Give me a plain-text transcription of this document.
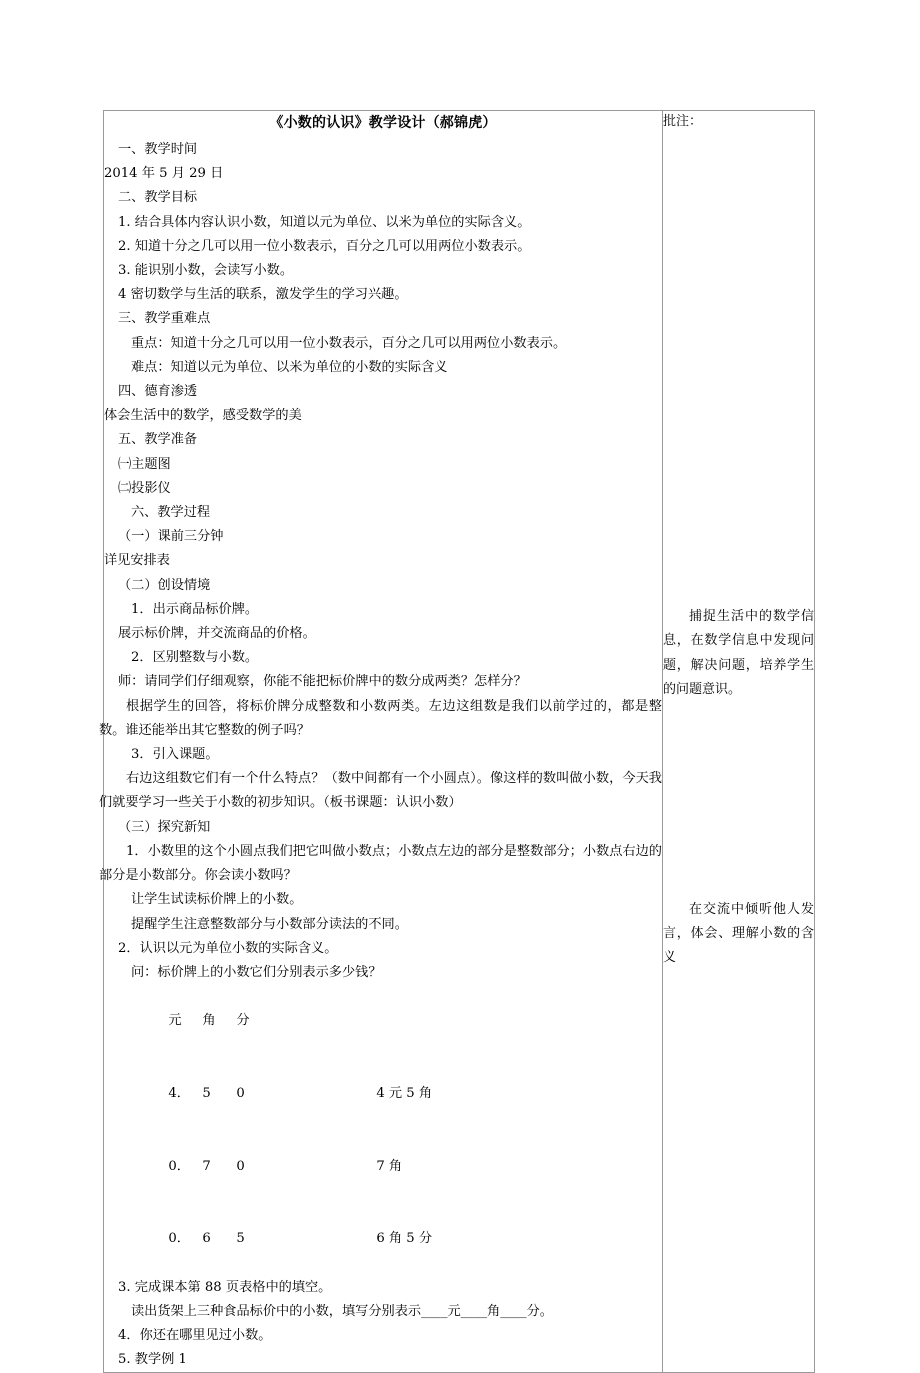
《小数的认识》教学设计（郝锦虎）
一、教学时间
2014 年 5 月 29 日
二、教学目标
1. 结合具体内容认识小数，知道以元为单位、以米为单位的实际含义。
2. 知道十分之几可以用一位小数表示，百分之几可以用两位小数表示。
3. 能识别小数，会读写小数。
4 密切数学与生活的联系，激发学生的学习兴趣。
三、教学重难点
重点：知道十分之几可以用一位小数表示，百分之几可以用两位小数表示。
难点：知道以元为单位、以米为单位的小数的实际含义
四、德育渗透
体会生活中的数学，感受数学的美
五、教学准备
㈠主题图
㈡投影仪
六、教学过程
（一）课前三分钟
详见安排表
（二）创设情境
1．出示商品标价牌。
展示标价牌，并交流商品的价格。
2．区别整数与小数。
师：请同学们仔细观察，你能不能把标价牌中的数分成两类？怎样分？
根据学生的回答，将标价牌分成整数和小数两类。左边这组数是我们以前学过的，都是整数。谁还能举出其它整数的例子吗？
3．引入课题。
右边这组数它们有一个什么特点？（数中间都有一个小圆点）。像这样的数叫做小数，今天我们就要学习一些关于小数的初步知识。（板书课题：认识小数）
（三）探究新知
1．小数里的这个小圆点我们把它叫做小数点；小数点左边的部分是整数部分；小数点右边的部分是小数部分。你会读小数吗？
让学生试读标价牌上的小数。
提醒学生注意整数部分与小数部分读法的不同。
2．认识以元为单位小数的实际含义。
问：标价牌上的小数它们分别表示多少钱？

元 角 分

4． 5 0	4 元 5 角

0． 7 0	7 角

0． 6 5	6 角 5 分

3. 完成课本第 88 页表格中的填空。
读出货架上三种食品标价中的小数，填写分别表示____元____角____分。
4．你还在哪里见过小数。
5. 教学例 1

批注：
捕捉生活中的数学信息，在数学信息中发现问题，解决问题，培养学生的问题意识。
在交流中倾听他人发言，体会、理解小数的含义
